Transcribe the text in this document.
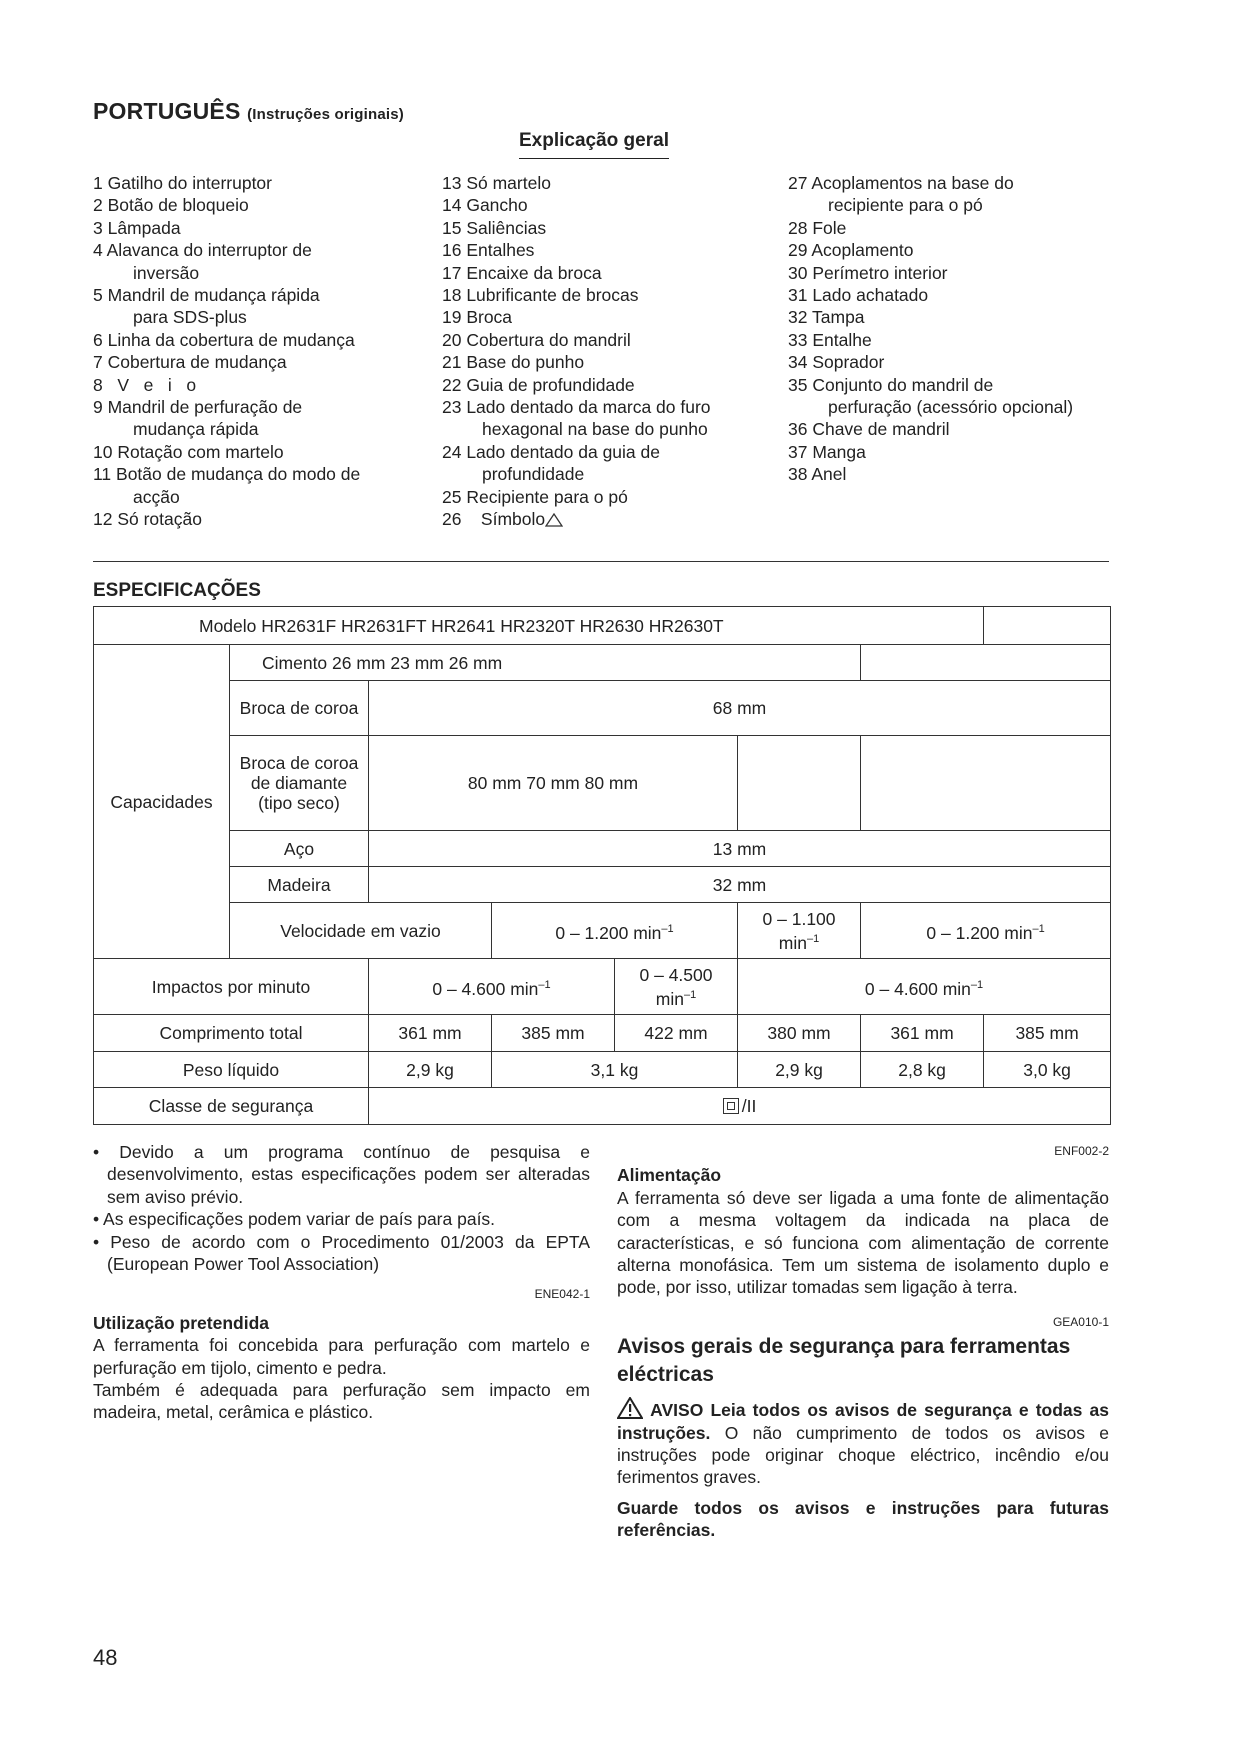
PORTUGUÊS (Instruções originais)
Explicação geral
1 Gatilho do interruptor
2 Botão de bloqueio
3 Lâmpada
4 Alavanca do interruptor de
inversão
5 Mandril de mudança rápida
para SDS-plus
6 Linha da cobertura de mudança
7 Cobertura de mudança
8   V   e   i   o
9 Mandril de perfuração de
mudança rápida
10 Rotação com martelo
11 Botão de mudança do modo de
acção
12 Só rotação
13 Só martelo
14 Gancho
15 Saliências
16 Entalhes
17 Encaixe da broca
18 Lubrificante de brocas
19 Broca
20 Cobertura do mandril
21 Base do punho
22 Guia de profundidade
23 Lado dentado da marca do furo
hexagonal na base do punho
24 Lado dentado da guia de
profundidade
25 Recipiente para o pó
26    Símbolo
27 Acoplamentos na base do
recipiente para o pó
28 Fole
29 Acoplamento
30 Perímetro interior
31 Lado achatado
32 Tampa
33 Entalhe
34 Soprador
35 Conjunto do mandril de
perfuração (acessório opcional)
36 Chave de mandril
37 Manga
38 Anel
ESPECIFICAÇÕES
Modelo HR2631F HR2631FT HR2641 HR2320T HR2630 HR2630T							
Capacidades	Cimento 26 mm 23 mm 26 mm						
	Broca de coroa	68 mm					
	Broca de coroa de diamante (tipo seco)	80 mm 70 mm 80 mm					
	Aço	13 mm					
	Madeira	32 mm					
	Velocidade em vazio		0 – 1.200 $\min^{-1}$		0 – 1.100 $\min^{-1}$	0 – 1.200 $\min^{-1}$
Impactos por minuto		0 – 4.600 $\min^{-1}$		0 – 4.500 $\min^{-1}$	0 – 4.600 $\min^{-1}$
Comprimento total		361 mm	385 mm	422 mm	380 mm	361 mm	385 mm
Peso líquido		2,9 kg	3,1 kg		2,9 kg	2,8 kg	3,0 kg
Classe de segurança		/II					
• Devido a um programa contínuo de pesquisa e desenvolvimento, estas especificações podem ser alteradas sem aviso prévio.
• As especificações podem variar de país para país.
• Peso de acordo com o Procedimento 01/2003 da EPTA (European Power Tool Association)
ENE042-1
Utilização pretendida
A ferramenta foi concebida para perfuração com martelo e perfuração em tijolo, cimento e pedra.
Também é adequada para perfuração sem impacto em madeira, metal, cerâmica e plástico.
ENF002-2
Alimentação
A ferramenta só deve ser ligada a uma fonte de alimentação com a mesma voltagem da indicada na placa de características, e só funciona com alimentação de corrente alterna monofásica. Tem um sistema de isolamento duplo e pode, por isso, utilizar tomadas sem ligação à terra.
GEA010-1
Avisos gerais de segurança para ferramentas eléctricas
AVISO Leia todos os avisos de segurança e todas as instruções. O não cumprimento de todos os avisos e instruções pode originar choque eléctrico, incêndio e/ou ferimentos graves.
Guarde todos os avisos e instruções para futuras referências.
48
